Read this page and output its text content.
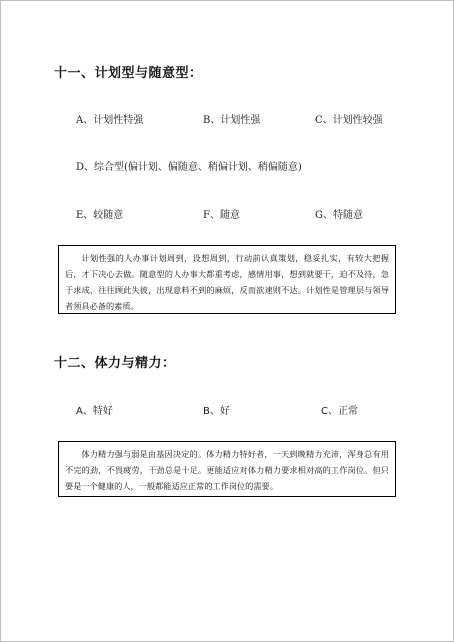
十一、计划型与随意型：
A、计划性特强	B、计划性强	C、计划性较强
D、综合型(偏计划、偏随意、稍偏计划、稍偏随意)
E、较随意	F、随意	G、特随意
计划性强的人办事计划周到，设想周到，行动前认真策划，稳妥扎实，有较大把握后，才下决心去做。随意型的人办事大都重考虑，感情用事，想到就要干，迫不及待，急于求成，往往顾此失彼，出现意料不到的麻烦，反而欲速则不达。计划性是管理层与领导者须具必备的素质。
十二、体力与精力：
A、特好	B、好	C、正常
体力精力强与弱是由基因决定的。体力精力特好者，一天到晚精力充沛，浑身总有用不完的劲，不畏疲劳，干劲总是十足。更能适应对体力精力要求相对高的工作岗位。但只要是一个健康的人，一般都能适应正常的工作岗位的需要。
